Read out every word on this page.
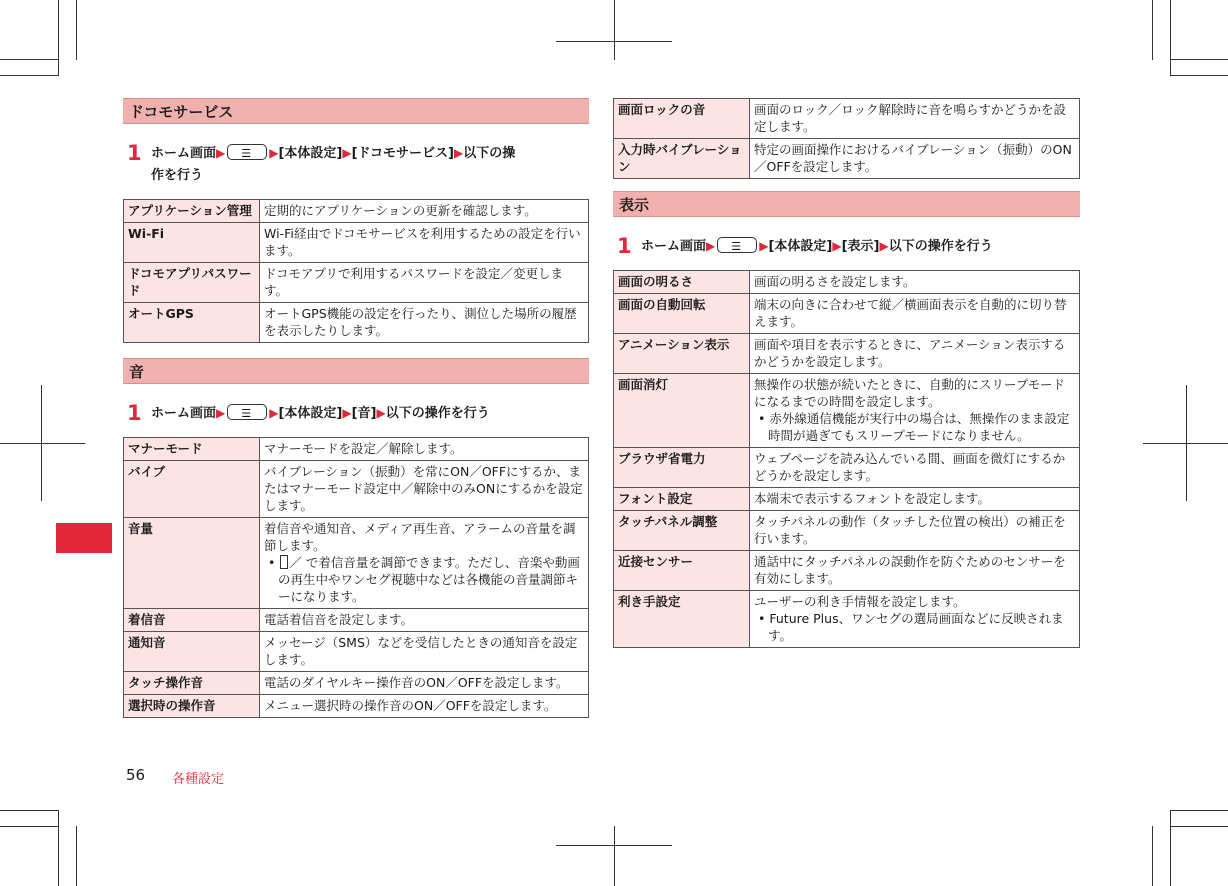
ドコモサービス
1 ホーム画面▶ ☰	▶[本体設定]▶[ドコモサービス]▶以下の操
作を行う
アプリケーション管理	定期的にアプリケーションの更新を確認します。
Wi-Fi	Wi-Fi経由でドコモサービスを利用するための設定を行います。
ドコモアプリパスワード	ドコモアプリで利用するパスワードを設定／変更します。
オートGPS	オートGPS機能の設定を行ったり、測位した場所の履歴を表示したりします。
音
1 ホーム画面▶ ☰	▶[本体設定]▶[音]▶以下の操作を行う
マナーモード	マナーモードを設定／解除します。
バイブ	バイブレーション（振動）を常にON／OFFにするか、またはマナーモード設定中／解除中のみONにするかを設定します。
音量	着信音や通知音、メディア再生音、アラームの音量を調節します。
• ／ で着信音量を調節できます。ただし、音楽や動画の再生中やワンセグ視聴中などは各機能の音量調節キーになります。

着信音	電話着信音を設定します。
通知音	メッセージ（SMS）などを受信したときの通知音を設定します。
タッチ操作音	電話のダイヤルキー操作音のON／OFFを設定します。
選択時の操作音	メニュー選択時の操作音のON／OFFを設定します。
画面ロックの音	画面のロック／ロック解除時に音を鳴らすかどうかを設定します。
入力時バイブレーション	特定の画面操作におけるバイブレーション（振動）のON／OFFを設定します。
表示
1 ホーム画面▶ ☰	▶[本体設定]▶[表示]▶以下の操作を行う
画面の明るさ	画面の明るさを設定します。
画面の自動回転	端末の向きに合わせて縦／横画面表示を自動的に切り替えます。
アニメーション表示	画面や項目を表示するときに、アニメーション表示するかどうかを設定します。
画面消灯	無操作の状態が続いたときに、自動的にスリープモードになるまでの時間を設定します。
• 赤外線通信機能が実行中の場合は、無操作のまま設定時間が過ぎてもスリープモードになりません。

ブラウザ省電力	ウェブページを読み込んでいる間、画面を微灯にするかどうかを設定します。
フォント設定	本端末で表示するフォントを設定します。
タッチパネル調整	タッチパネルの動作（タッチした位置の検出）の補正を行います。
近接センサー	通話中にタッチパネルの誤動作を防ぐためのセンサーを有効にします。
利き手設定	ユーザーの利き手情報を設定します。
• Future Plus、ワンセグの選局画面などに反映されます。
56 各種設定
